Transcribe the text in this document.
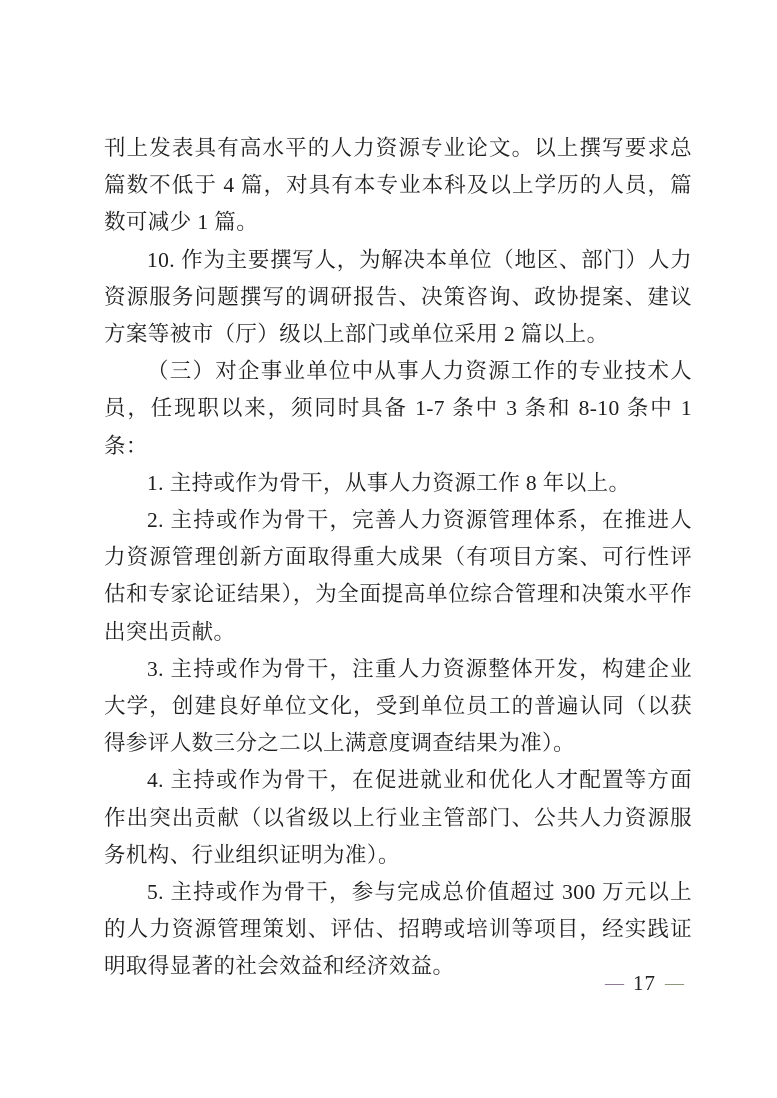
刊上发表具有高水平的人力资源专业论文。以上撰写要求总篇数不低于 4 篇，对具有本专业本科及以上学历的人员，篇数可减少 1 篇。

10. 作为主要撰写人，为解决本单位（地区、部门）人力资源服务问题撰写的调研报告、决策咨询、政协提案、建议方案等被市（厅）级以上部门或单位采用 2 篇以上。

（三）对企事业单位中从事人力资源工作的专业技术人员，任现职以来，须同时具备 1-7 条中 3 条和 8-10 条中 1 条：

1. 主持或作为骨干，从事人力资源工作 8 年以上。

2. 主持或作为骨干，完善人力资源管理体系，在推进人力资源管理创新方面取得重大成果（有项目方案、可行性评估和专家论证结果），为全面提高单位综合管理和决策水平作出突出贡献。

3. 主持或作为骨干，注重人力资源整体开发，构建企业大学，创建良好单位文化，受到单位员工的普遍认同（以获得参评人数三分之二以上满意度调查结果为准）。

4. 主持或作为骨干，在促进就业和优化人才配置等方面作出突出贡献（以省级以上行业主管部门、公共人力资源服务机构、行业组织证明为准）。

5. 主持或作为骨干，参与完成总价值超过 300 万元以上的人力资源管理策划、评估、招聘或培训等项目，经实践证明取得显著的社会效益和经济效益。

— 17 —
